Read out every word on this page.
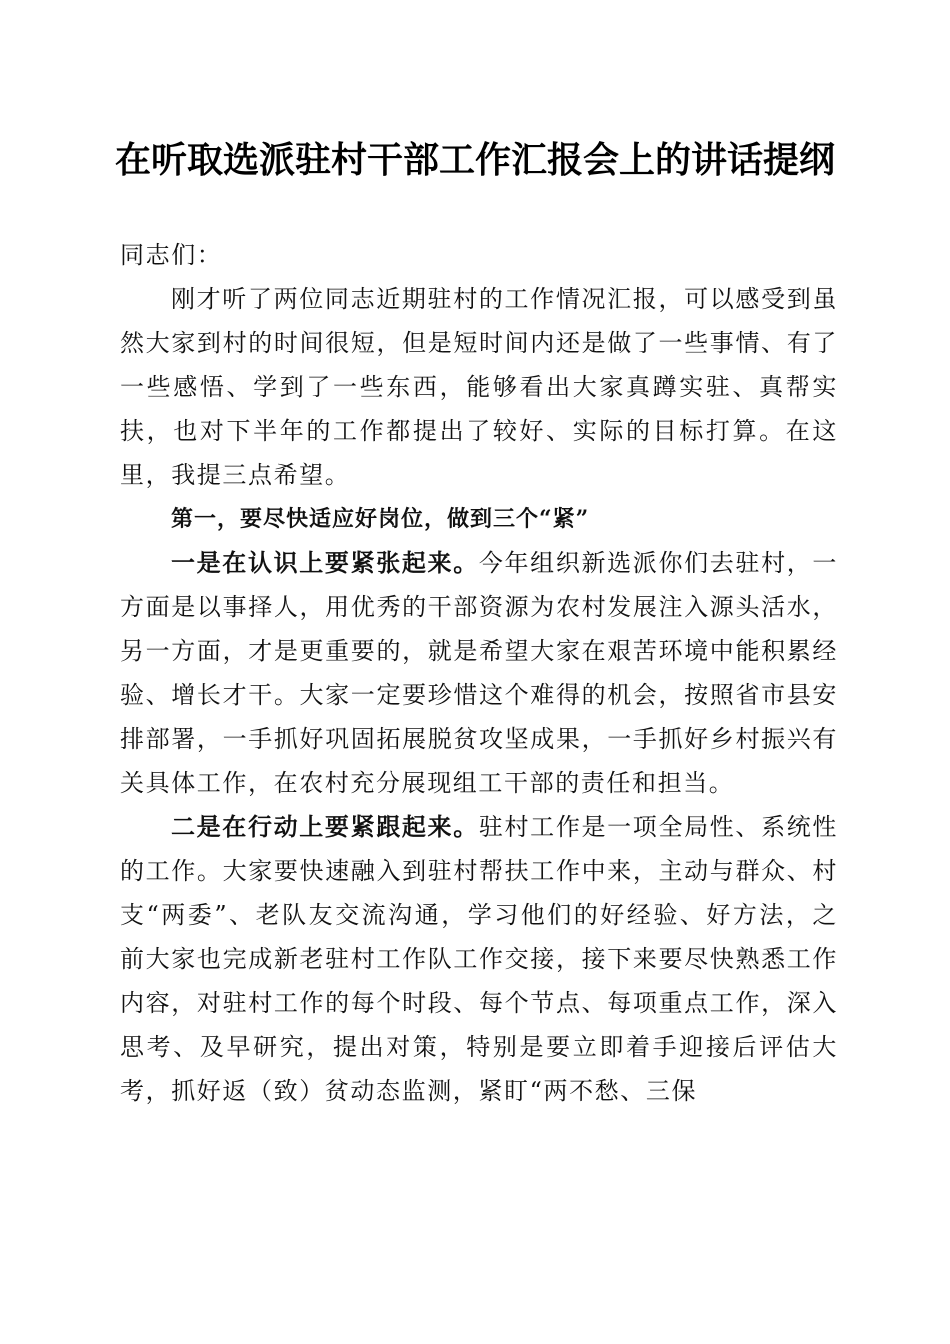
在听取选派驻村干部工作汇报会上的讲话提纲

同志们：

刚才听了两位同志近期驻村的工作情况汇报，可以感受到虽然大家到村的时间很短，但是短时间内还是做了一些事情、有了一些感悟、学到了一些东西，能够看出大家真蹲实驻、真帮实扶，也对下半年的工作都提出了较好、实际的目标打算。在这里，我提三点希望。

第一，要尽快适应好岗位，做到三个“紧”

一是在认识上要紧张起来。今年组织新选派你们去驻村，一方面是以事择人，用优秀的干部资源为农村发展注入源头活水，另一方面，才是更重要的，就是希望大家在艰苦环境中能积累经验、增长才干。大家一定要珍惜这个难得的机会，按照省市县安排部署，一手抓好巩固拓展脱贫攻坚成果，一手抓好乡村振兴有关具体工作，在农村充分展现组工干部的责任和担当。

二是在行动上要紧跟起来。驻村工作是一项全局性、系统性的工作。大家要快速融入到驻村帮扶工作中来，主动与群众、村支“两委”、老队友交流沟通，学习他们的好经验、好方法，之前大家也完成新老驻村工作队工作交接，接下来要尽快熟悉工作内容，对驻村工作的每个时段、每个节点、每项重点工作，深入思考、及早研究，提出对策，特别是要立即着手迎接后评估大考，抓好返（致）贫动态监测，紧盯“两不愁、三保
